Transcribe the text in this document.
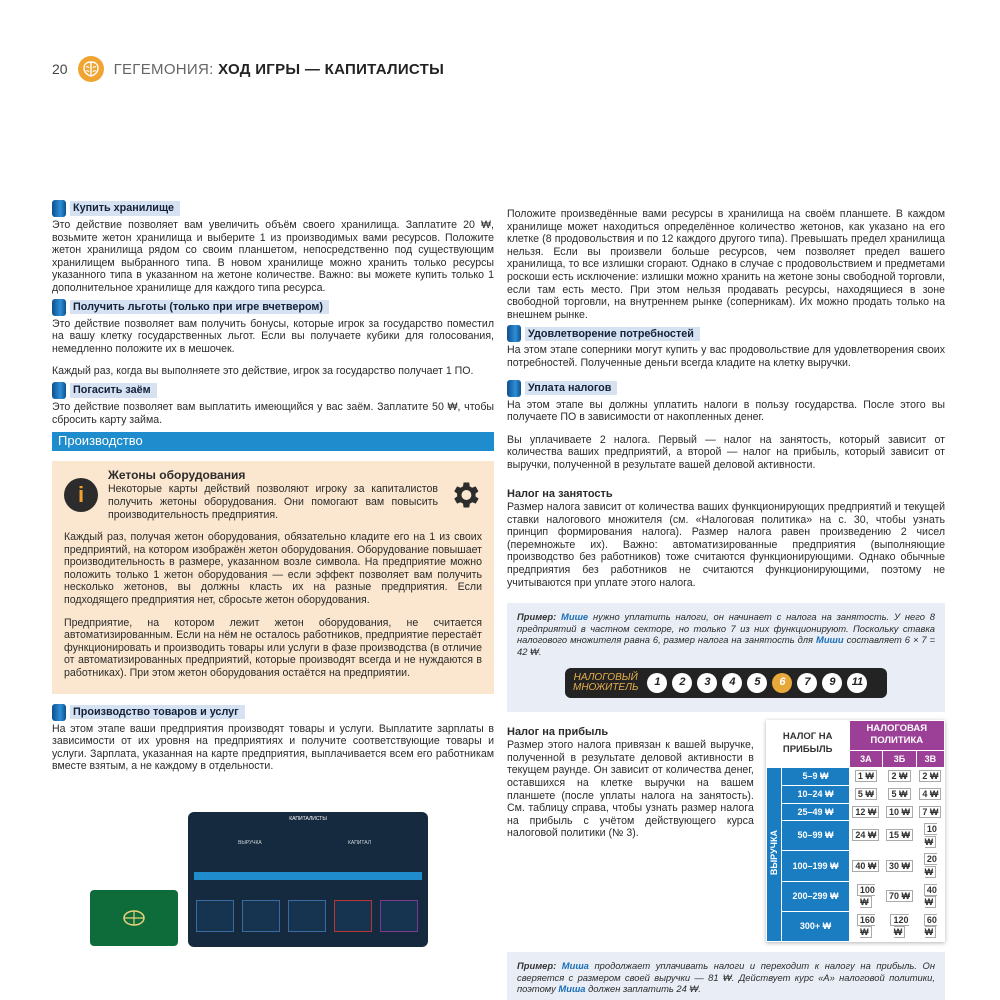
20	ГЕГЕМОНИЯ: ХОД ИГРЫ — КАПИТАЛИСТЫ
Купить хранилище

Это действие позволяет вам увеличить объём своего хранилища. Заплатите 20 ₩, возьмите жетон хранилища и выберите 1 из производимых вами ресурсов. Положите жетон хранилища рядом со своим планшетом, непосредственно под существующим хранилищем выбранного типа. В новом хранилище можно хранить только ресурсы указанного типа в указанном на жетоне количестве. Важно: вы можете купить только 1 дополнительное хранилище для каждого типа ресурса.

Получить льготы (только при игре вчетвером)

Это действие позволяет вам получить бонусы, которые игрок за государство поместил на вашу клетку государственных льгот. Если вы получаете кубики для голосования, немедленно положите их в мешочек.

Каждый раз, когда вы выполняете это действие, игрок за государство получает 1 ПО.

Погасить заём

Это действие позволяет вам выплатить имеющийся у вас заём. Заплатите 50 ₩, чтобы сбросить карту займа.

Производство
i
Жетоны оборудования
Некоторые карты действий позволяют игроку за капиталистов получить жетоны оборудования. Они помогают вам повысить производительность предприятия.

Каждый раз, получая жетон оборудования, обязательно кладите его на 1 из своих предприятий, на котором изображён жетон оборудования. Оборудование повышает производительность в размере, указанном возле символа. На предприятие можно положить только 1 жетон оборудования — если эффект позволяет вам получить несколько жетонов, вы должны класть их на разные предприятия. Если подходящего предприятия нет, сбросьте жетон оборудования.

Предприятие, на котором лежит жетон оборудования, не считается автоматизированным. Если на нём не осталось работников, предприятие перестаёт функционировать и производить товары или услуги в фазе производства (в отличие от автоматизированных предприятий, которые производят всегда и не нуждаются в работниках). При этом жетон оборудования остаётся на предприятии.

Производство товаров и услуг

На этом этапе ваши предприятия производят товары и услуги. Выплатите зарплаты в зависимости от их уровня на предприятиях и получите соответствующие товары и услуги. Зарплата, указанная на карте предприятия, выплачивается всем его работникам вместе взятым, а не каждому в отдельности.

КАПИТАЛИСТЫ
ВЫРУЧКА	КАПИТАЛ

Положите произведённые вами ресурсы в хранилища на своём планшете. В каждом хранилище может находиться определённое количество жетонов, как указано на его клетке (8 продовольствия и по 12 каждого другого типа). Превышать предел хранилища нельзя. Если вы произвели больше ресурсов, чем позволяет предел вашего хранилища, то все излишки сгорают. Однако в случае с продовольствием и предметами роскоши есть исключение: излишки можно хранить на жетоне зоны свободной торговли, если там есть место. При этом нельзя продавать ресурсы, находящиеся в зоне свободной торговли, на внутреннем рынке (соперникам). Их можно продать только на внешнем рынке.

Удовлетворение потребностей

На этом этапе соперники могут купить у вас продовольствие для удовлетворения своих потребностей. Полученные деньги всегда кладите на клетку выручки.

Уплата налогов

На этом этапе вы должны уплатить налоги в пользу государства. После этого вы получаете ПО в зависимости от накопленных денег.

Вы уплачиваете 2 налога. Первый — налог на занятость, который зависит от количества ваших предприятий, а второй — налог на прибыль, который зависит от выручки, полученной в результате вашей деловой активности.

Налог на занятость

Размер налога зависит от количества ваших функционирующих предприятий и текущей ставки налогового множителя (см. «Налоговая политика» на с. 30, чтобы узнать принцип формирования налога). Размер налога равен произведению 2 чисел (перемножьте их). Важно: автоматизированные предприятия (выполняющие производство без работников) тоже считаются функционирующими. Однако обычные предприятия без работников не считаются функционирующими, поэтому не учитываются при уплате этого налога.

Пример: Мише нужно уплатить налоги, он начинает с налога на занятость. У него 8 предприятий в частном секторе, но только 7 из них функционируют. Поскольку ставка налогового множителя равна 6, размер налога на занятость для Миши составляет 6 × 7 = 42 ₩.
НАЛОГОВЫЙ
МНОЖИТЕЛЬ	1	2	3	4	5	6	7	9	11
Налог на прибыль

Размер этого налога привязан к вашей выручке, полученной в результате деловой активности в текущем раунде. Он зависит от количества денег, оставшихся на клетке выручки на вашем планшете (после уплаты налога на занятость). См. таблицу справа, чтобы узнать размер налога на прибыль с учётом действующего курса налоговой политики (№ 3).

НАЛОГ НА ПРИБЫЛЬ		НАЛОГОВАЯ ПОЛИТИКА		
		3А	3Б	3В
ВЫРУЧКА	5–9 ₩	1 ₩	2 ₩	2 ₩
	10–24 ₩	5 ₩	5 ₩	4 ₩
	25–49 ₩	12 ₩	10 ₩	7 ₩
	50–99 ₩	24 ₩	15 ₩	10 ₩
	100–199 ₩	40 ₩	30 ₩	20 ₩
	200–299 ₩	100 ₩	70 ₩	40 ₩
	300+ ₩	160 ₩	120 ₩	60 ₩
Пример: Миша продолжает уплачивать налоги и переходит к налогу на прибыль. Он сверяется с размером своей выручки — 81 ₩. Действует курс «А» налоговой политики, поэтому Миша должен заплатить 24 ₩.
